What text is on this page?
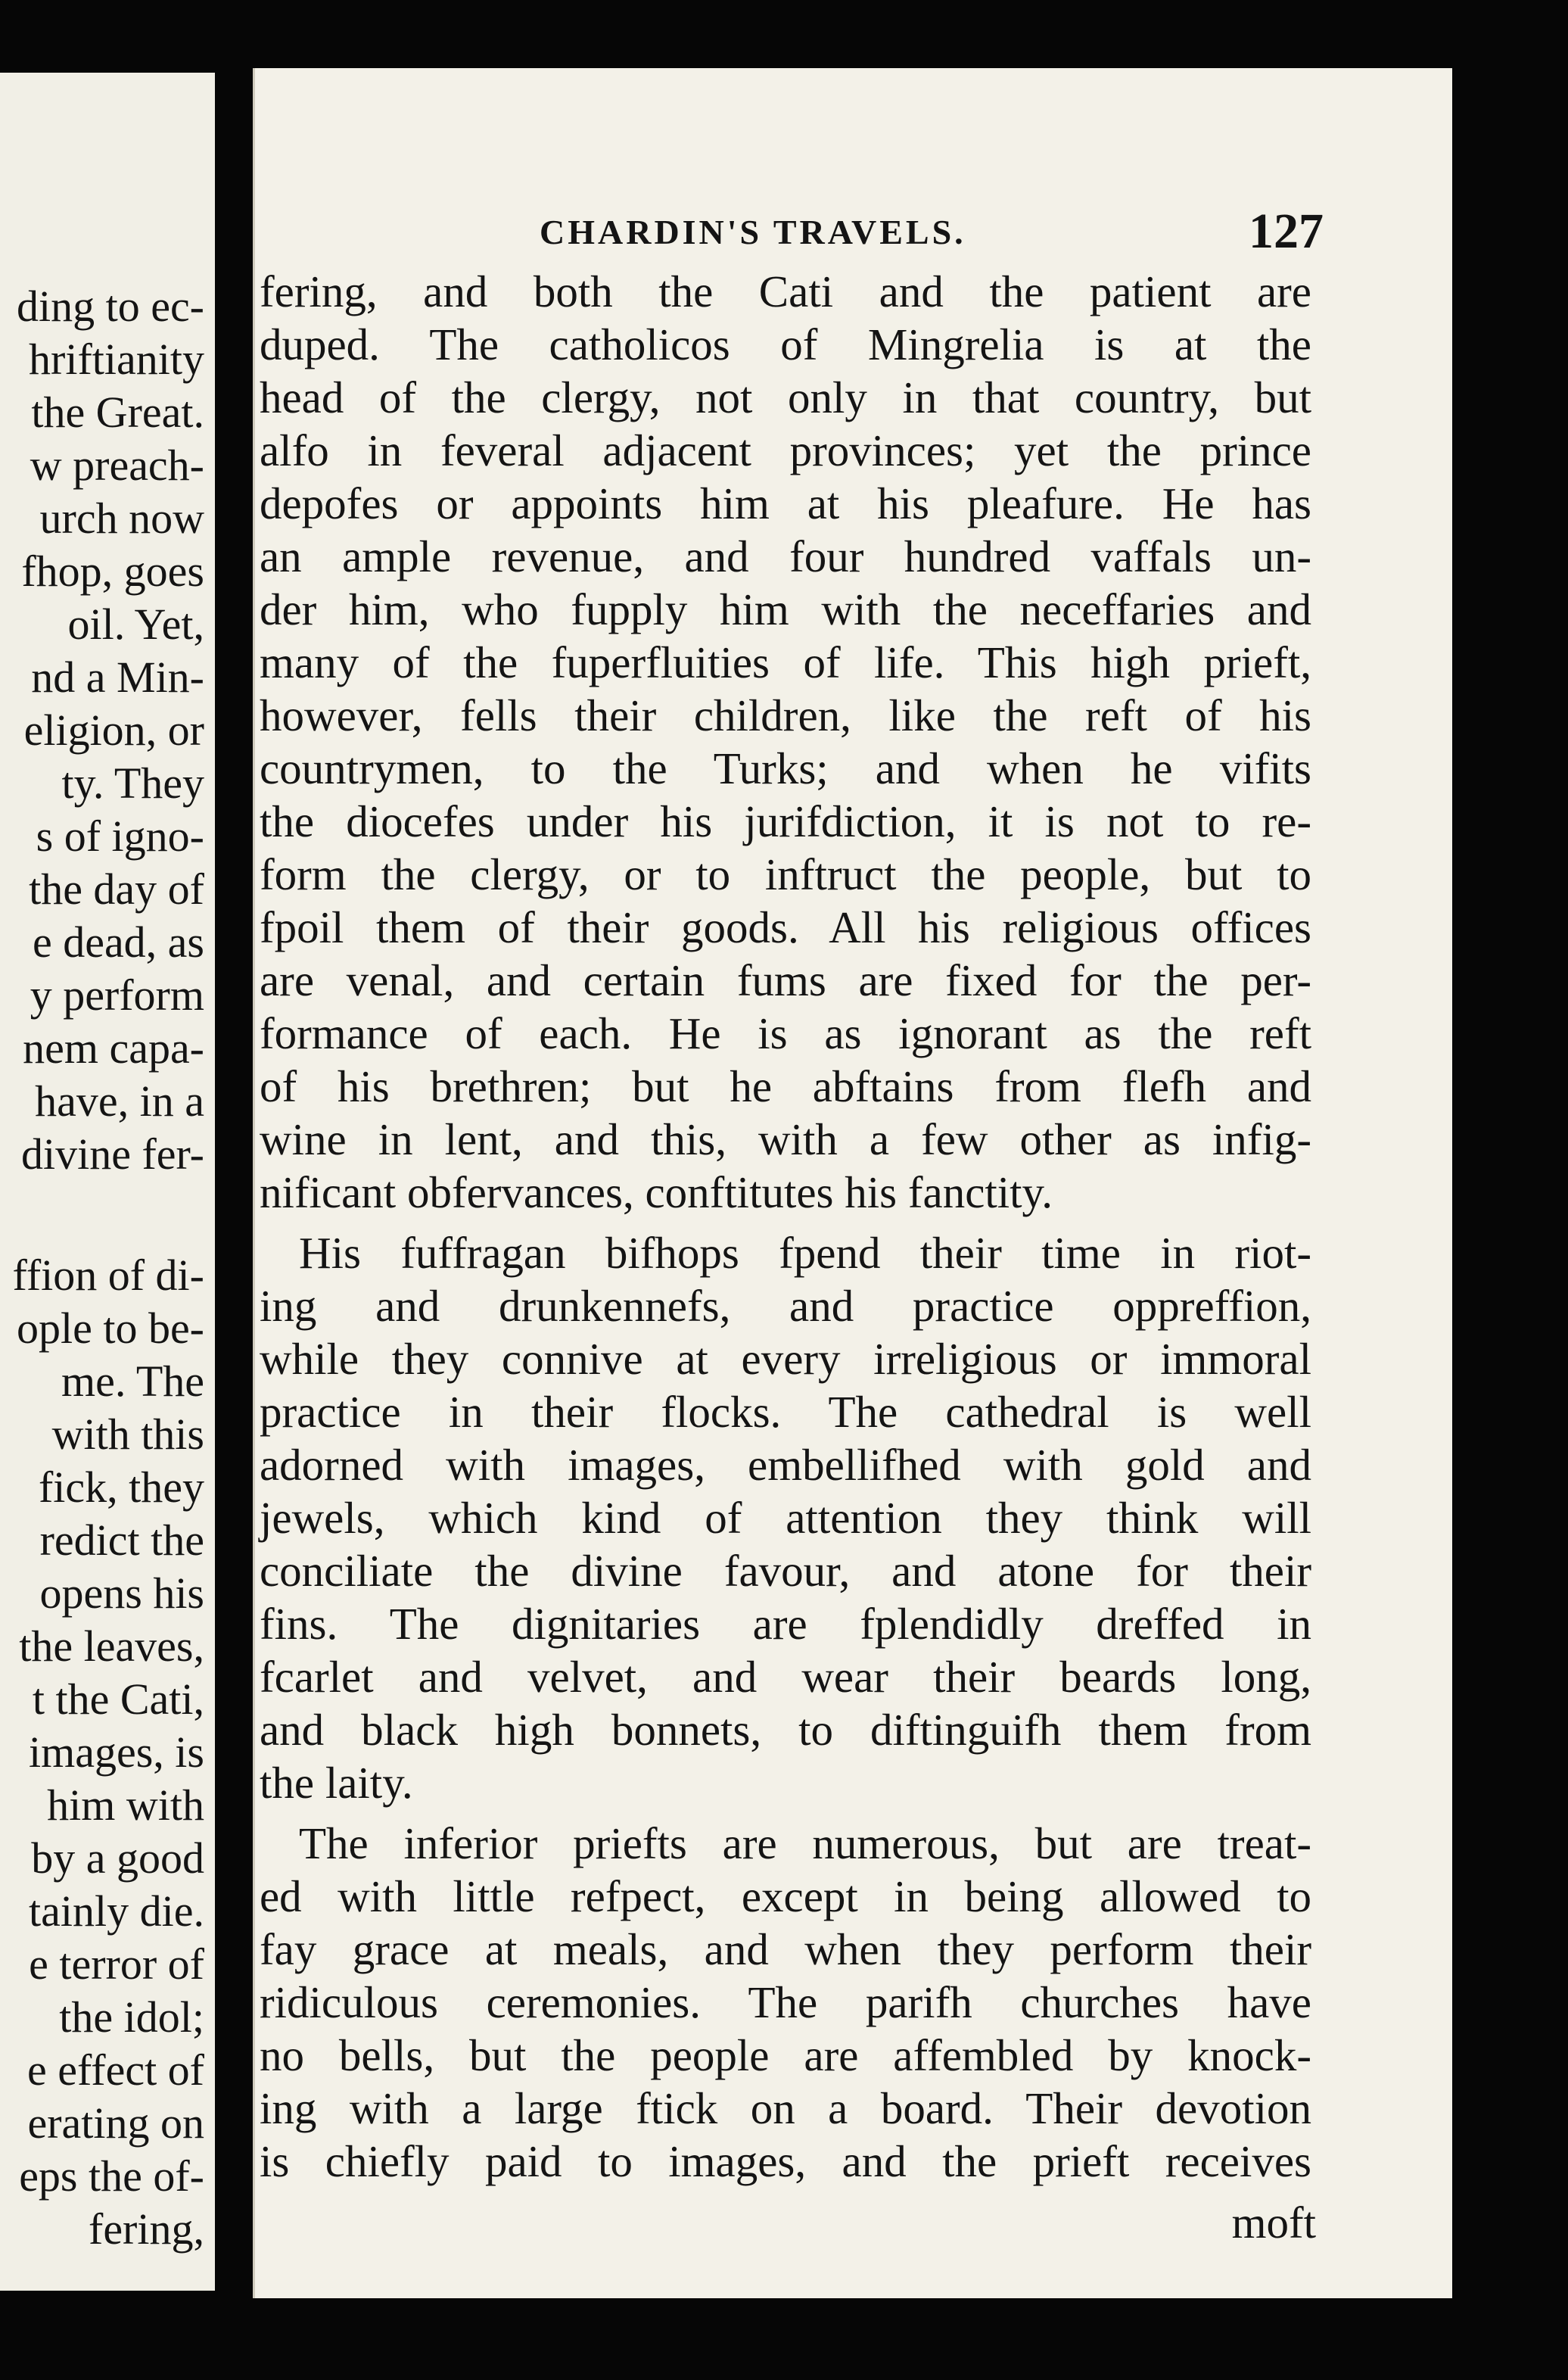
ding to ec-
hriftianity
the Great.
w preach-
urch now
fhop, goes
oil. Yet,
nd a Min-
eligion, or
ty. They
s of igno-
the day of
e dead, as
y perform
nem capa-
have, in a
divine fer-
ffion of di-
ople to be-
me. The
with this
fick, they
redict the
opens his
the leaves,
t the Cati,
images, is
him with
by a good
tainly die.
e terror of
the idol;
e effect of
erating on
eps the of-
fering,
CHARDIN'S TRAVELS.	127
fering, and both the Cati and the patient are
duped. The catholicos of Mingrelia is at the
head of the clergy, not only in that country, but
alfo in feveral adjacent provinces; yet the prince
depofes or appoints him at his pleafure. He has
an ample revenue, and four hundred vaffals un-
der him, who fupply him with the neceffaries and
many of the fuperfluities of life. This high prieft,
however, fells their children, like the reft of his
countrymen, to the Turks; and when he vifits
the diocefes under his jurifdiction, it is not to re-
form the clergy, or to inftruct the people, but to
fpoil them of their goods. All his religious offices
are venal, and certain fums are fixed for the per-
formance of each. He is as ignorant as the reft
of his brethren; but he abftains from flefh and
wine in lent, and this, with a few other as infig-
nificant obfervances, conftitutes his fanctity.
His fuffragan bifhops fpend their time in riot-
ing and drunkennefs, and practice oppreffion,
while they connive at every irreligious or immoral
practice in their flocks. The cathedral is well
adorned with images, embellifhed with gold and
jewels, which kind of attention they think will
conciliate the divine favour, and atone for their
fins. The dignitaries are fplendidly dreffed in
fcarlet and velvet, and wear their beards long,
and black high bonnets, to diftinguifh them from
the laity.
The inferior priefts are numerous, but are treat-
ed with little refpect, except in being allowed to
fay grace at meals, and when they perform their
ridiculous ceremonies. The parifh churches have
no bells, but the people are affembled by knock-
ing with a large ftick on a board. Their devotion
is chiefly paid to images, and the prieft receives
moft
